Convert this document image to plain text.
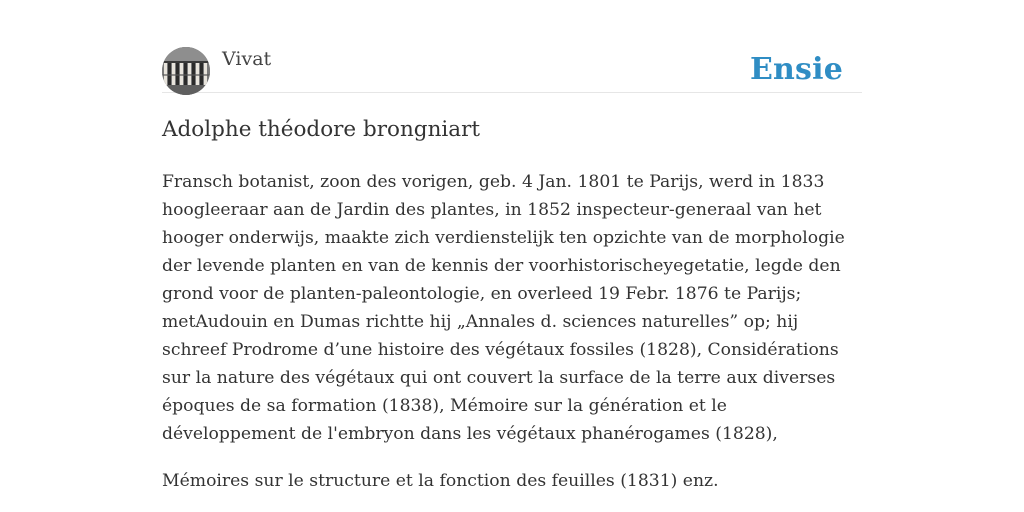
Vivat	Ensie
Adolphe théodore brongniart

Fransch botanist, zoon des vorigen, geb. 4 Jan. 1801 te Parijs, werd in 1833 hoogleeraar aan de Jardin des plantes, in 1852 inspecteur-generaal van het hooger onderwijs, maakte zich verdienstelijk ten opzichte van de morphologie der levende planten en van de kennis der voorhistorischeyegetatie, legde den grond voor de planten-paleontologie, en overleed 19 Febr. 1876 te Parijs; metAudouin en Dumas richtte hij „Annales d. sciences naturelles” op; hij schreef Prodrome d’une histoire des végétaux fossiles (1828), Considérations sur la nature des végétaux qui ont couvert la surface de la terre aux diverses époques de sa formation (1838), Mémoire sur la génération et le développement de l'embryon dans les végétaux phanérogames (1828),

Mémoires sur le structure et la fonction des feuilles (1831) enz.
